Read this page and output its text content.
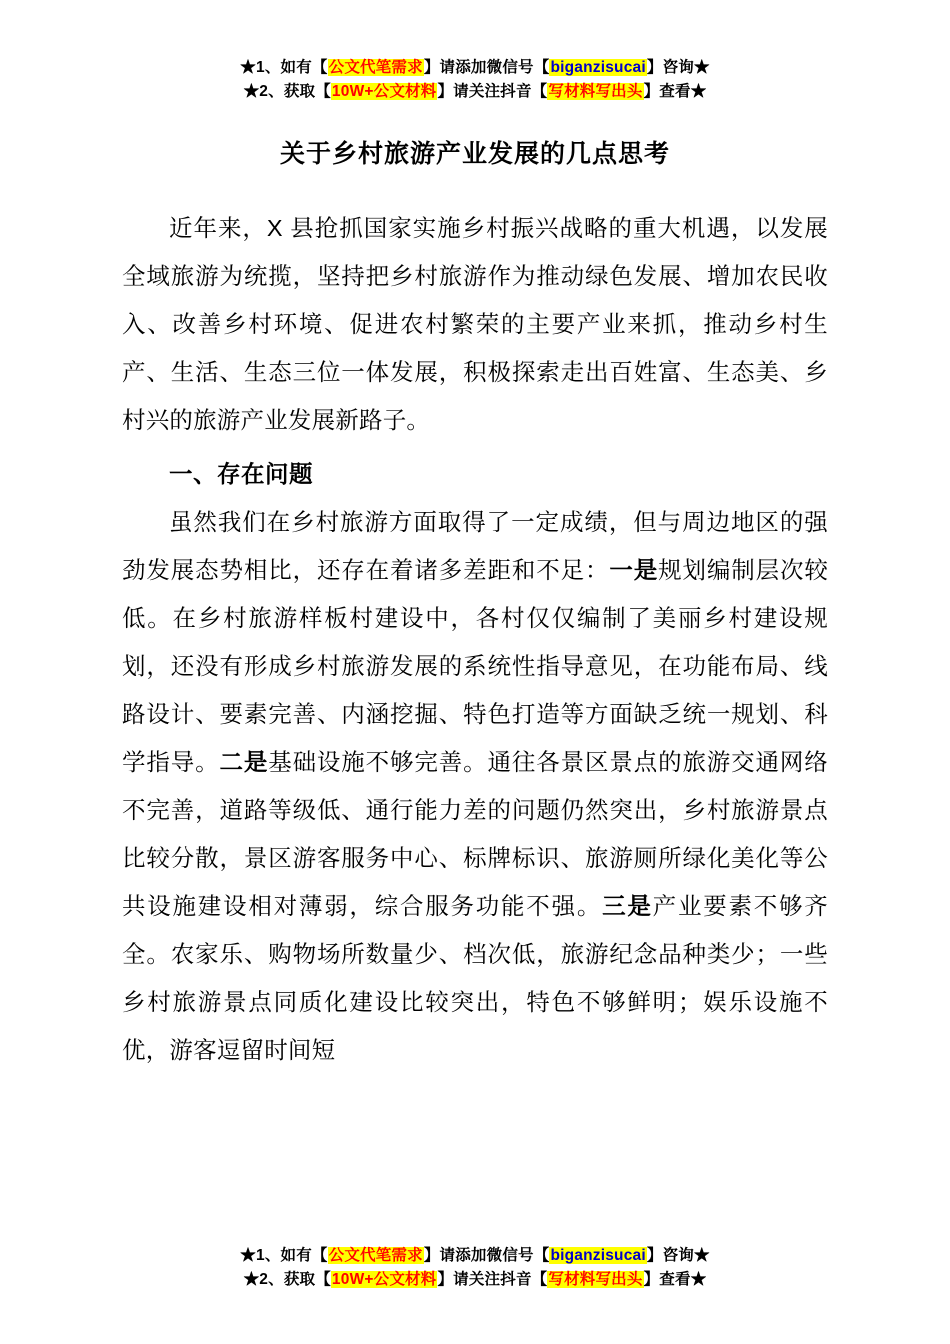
★1、如有【公文代笔需求】请添加微信号【biganzisucai】咨询★
★2、获取【10W+公文材料】请关注抖音【写材料写出头】查看★
关于乡村旅游产业发展的几点思考

近年来，X 县抢抓国家实施乡村振兴战略的重大机遇，以发展全域旅游为统揽，坚持把乡村旅游作为推动绿色发展、增加农民收入、改善乡村环境、促进农村繁荣的主要产业来抓，推动乡村生产、生活、生态三位一体发展，积极探索走出百姓富、生态美、乡村兴的旅游产业发展新路子。

一、存在问题

虽然我们在乡村旅游方面取得了一定成绩，但与周边地区的强劲发展态势相比，还存在着诸多差距和不足：一是规划编制层次较低。在乡村旅游样板村建设中，各村仅仅编制了美丽乡村建设规划，还没有形成乡村旅游发展的系统性指导意见，在功能布局、线路设计、要素完善、内涵挖掘、特色打造等方面缺乏统一规划、科学指导。二是基础设施不够完善。通往各景区景点的旅游交通网络不完善，道路等级低、通行能力差的问题仍然突出，乡村旅游景点比较分散，景区游客服务中心、标牌标识、旅游厕所绿化美化等公共设施建设相对薄弱，综合服务功能不强。三是产业要素不够齐全。农家乐、购物场所数量少、档次低，旅游纪念品种类少；一些乡村旅游景点同质化建设比较突出，特色不够鲜明；娱乐设施不优，游客逗留时间短

★1、如有【公文代笔需求】请添加微信号【biganzisucai】咨询★
★2、获取【10W+公文材料】请关注抖音【写材料写出头】查看★
